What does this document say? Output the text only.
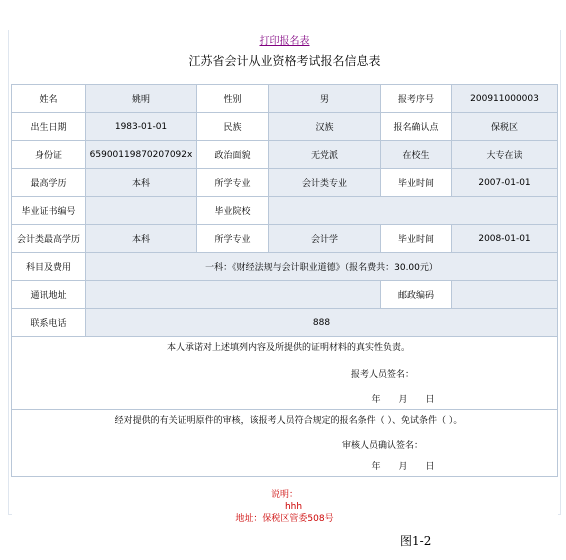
打印报名表
江苏省会计从业资格考试报名信息表
姓名	姚明	性别	男	报考序号	200911000003
出生日期	1983-01-01	民族	汉族	报名确认点	保税区
身份证	65900119870207092x	政治面貌	无党派	在校生	大专在读
最高学历	本科	所学专业	会计类专业	毕业时间	2007-01-01
毕业证书编号		毕业院校			
会计类最高学历	本科	所学专业	会计学	毕业时间	2008-01-01
科目及费用	一科：《财经法规与会计职业道德》（报名费共：30.00元）				
通讯地址				邮政编码	
联系电话	888				

本人承诺对上述填列内容及所提供的证明材料的真实性负责。
报考人员签名：
年 月 日					

经对提供的有关证明原件的审核，该报考人员符合规定的报名条件（ ）、免试条件（ ）。
审核人员确认签名：
年 月 日					

说明：
hhh
地址：保税区管委508号					
图1-2
